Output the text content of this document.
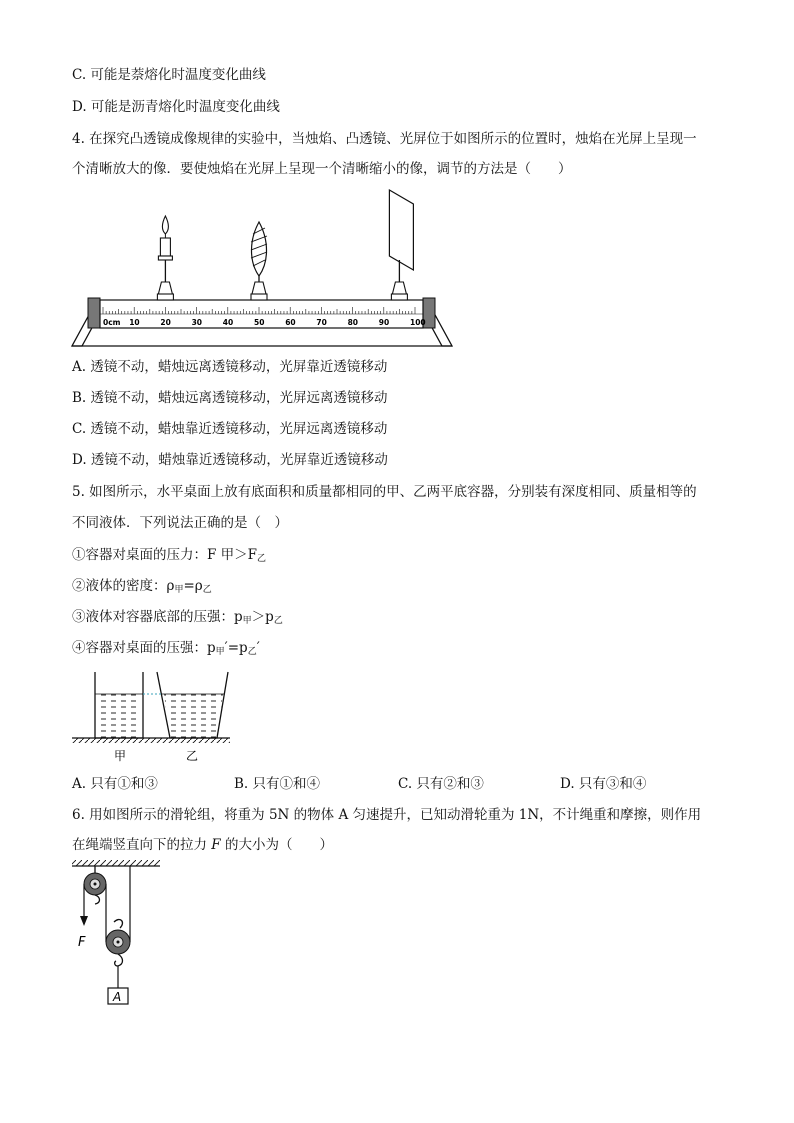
C. 可能是萘熔化时温度变化曲线
D. 可能是沥青熔化时温度变化曲线
4. 在探究凸透镜成像规律的实验中，当烛焰、凸透镜、光屏位于如图所示的位置时，烛焰在光屏上呈现一
个清晰放大的像．要使烛焰在光屏上呈现一个清晰缩小的像，调节的方法是（　　）
0cm 10	20	30	40	50	60	70	80	90	100
A. 透镜不动，蜡烛远离透镜移动，光屏靠近透镜移动
B. 透镜不动，蜡烛远离透镜移动，光屏远离透镜移动
C. 透镜不动，蜡烛靠近透镜移动，光屏远离透镜移动
D. 透镜不动，蜡烛靠近透镜移动，光屏靠近透镜移动
5. 如图所示，水平桌面上放有底面积和质量都相同的甲、乙两平底容器，分别装有深度相同、质量相等的
不同液体．下列说法正确的是（　）
①容器对桌面的压力：F 甲$>F_乙$
②液体的密度：$\rho_甲=\rho_乙$
③液体对容器底部的压强：$p_甲>p_乙$
④容器对桌面的压强：$p_甲'=p_乙'$
甲	乙
A. 只有①和③	B. 只有①和④	C. 只有②和③	D. 只有③和④
6. 用如图所示的滑轮组，将重为 5N 的物体 A 匀速提升，已知动滑轮重为 1N，不计绳重和摩擦，则作用
在绳端竖直向下的拉力 F 的大小为（　　）
F
A
